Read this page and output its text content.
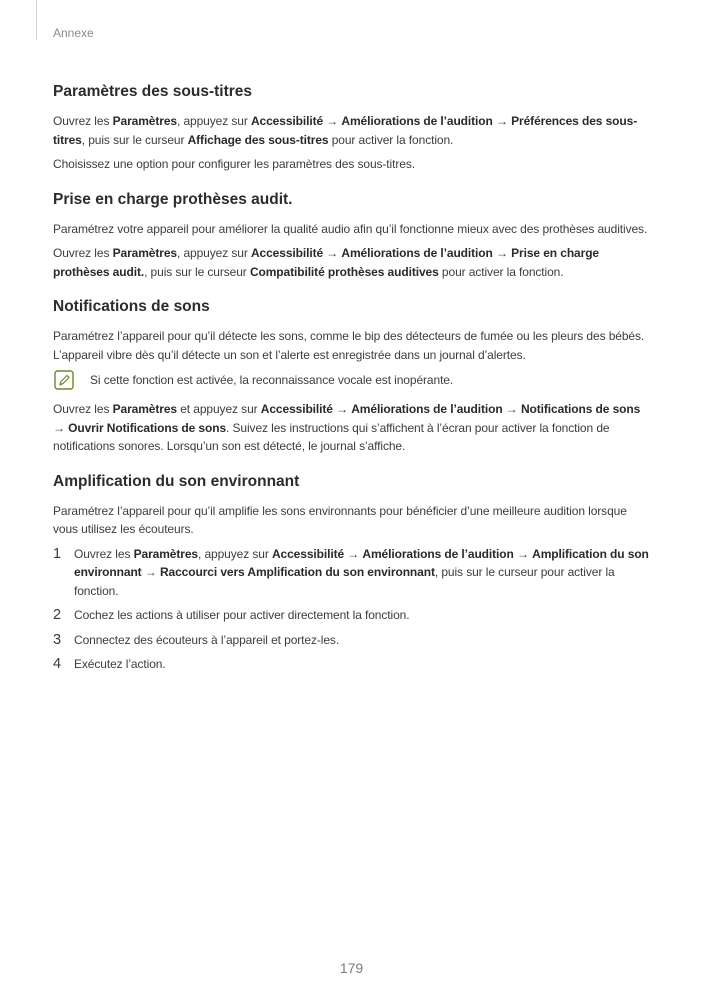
Annexe
Paramètres des sous-titres

Ouvrez les Paramètres, appuyez sur Accessibilité → Améliorations de l’audition → Préférences des sous-titres, puis sur le curseur Affichage des sous-titres pour activer la fonction.

Choisissez une option pour configurer les paramètres des sous-titres.

Prise en charge prothèses audit.

Paramétrez votre appareil pour améliorer la qualité audio afin qu’il fonctionne mieux avec des prothèses auditives.

Ouvrez les Paramètres, appuyez sur Accessibilité → Améliorations de l’audition → Prise en charge prothèses audit., puis sur le curseur Compatibilité prothèses auditives pour activer la fonction.

Notifications de sons

Paramétrez l’appareil pour qu’il détecte les sons, comme le bip des détecteurs de fumée ou les pleurs des bébés. L’appareil vibre dès qu’il détecte un son et l’alerte est enregistrée dans un journal d’alertes.

Si cette fonction est activée, la reconnaissance vocale est inopérante.

Ouvrez les Paramètres et appuyez sur Accessibilité → Améliorations de l’audition → Notifications de sons → Ouvrir Notifications de sons. Suivez les instructions qui s’affichent à l’écran pour activer la fonction de notifications sonores. Lorsqu’un son est détecté, le journal s’affiche.

Amplification du son environnant

Paramétrez l’appareil pour qu’il amplifie les sons environnants pour bénéficier d’une meilleure audition lorsque vous utilisez les écouteurs.

1	Ouvrez les Paramètres, appuyez sur Accessibilité → Améliorations de l’audition → Amplification du son environnant → Raccourci vers Amplification du son environnant, puis sur le curseur pour activer la fonction.

2	Cochez les actions à utiliser pour activer directement la fonction.

3	Connectez des écouteurs à l’appareil et portez-les.

4	Exécutez l’action.

179
